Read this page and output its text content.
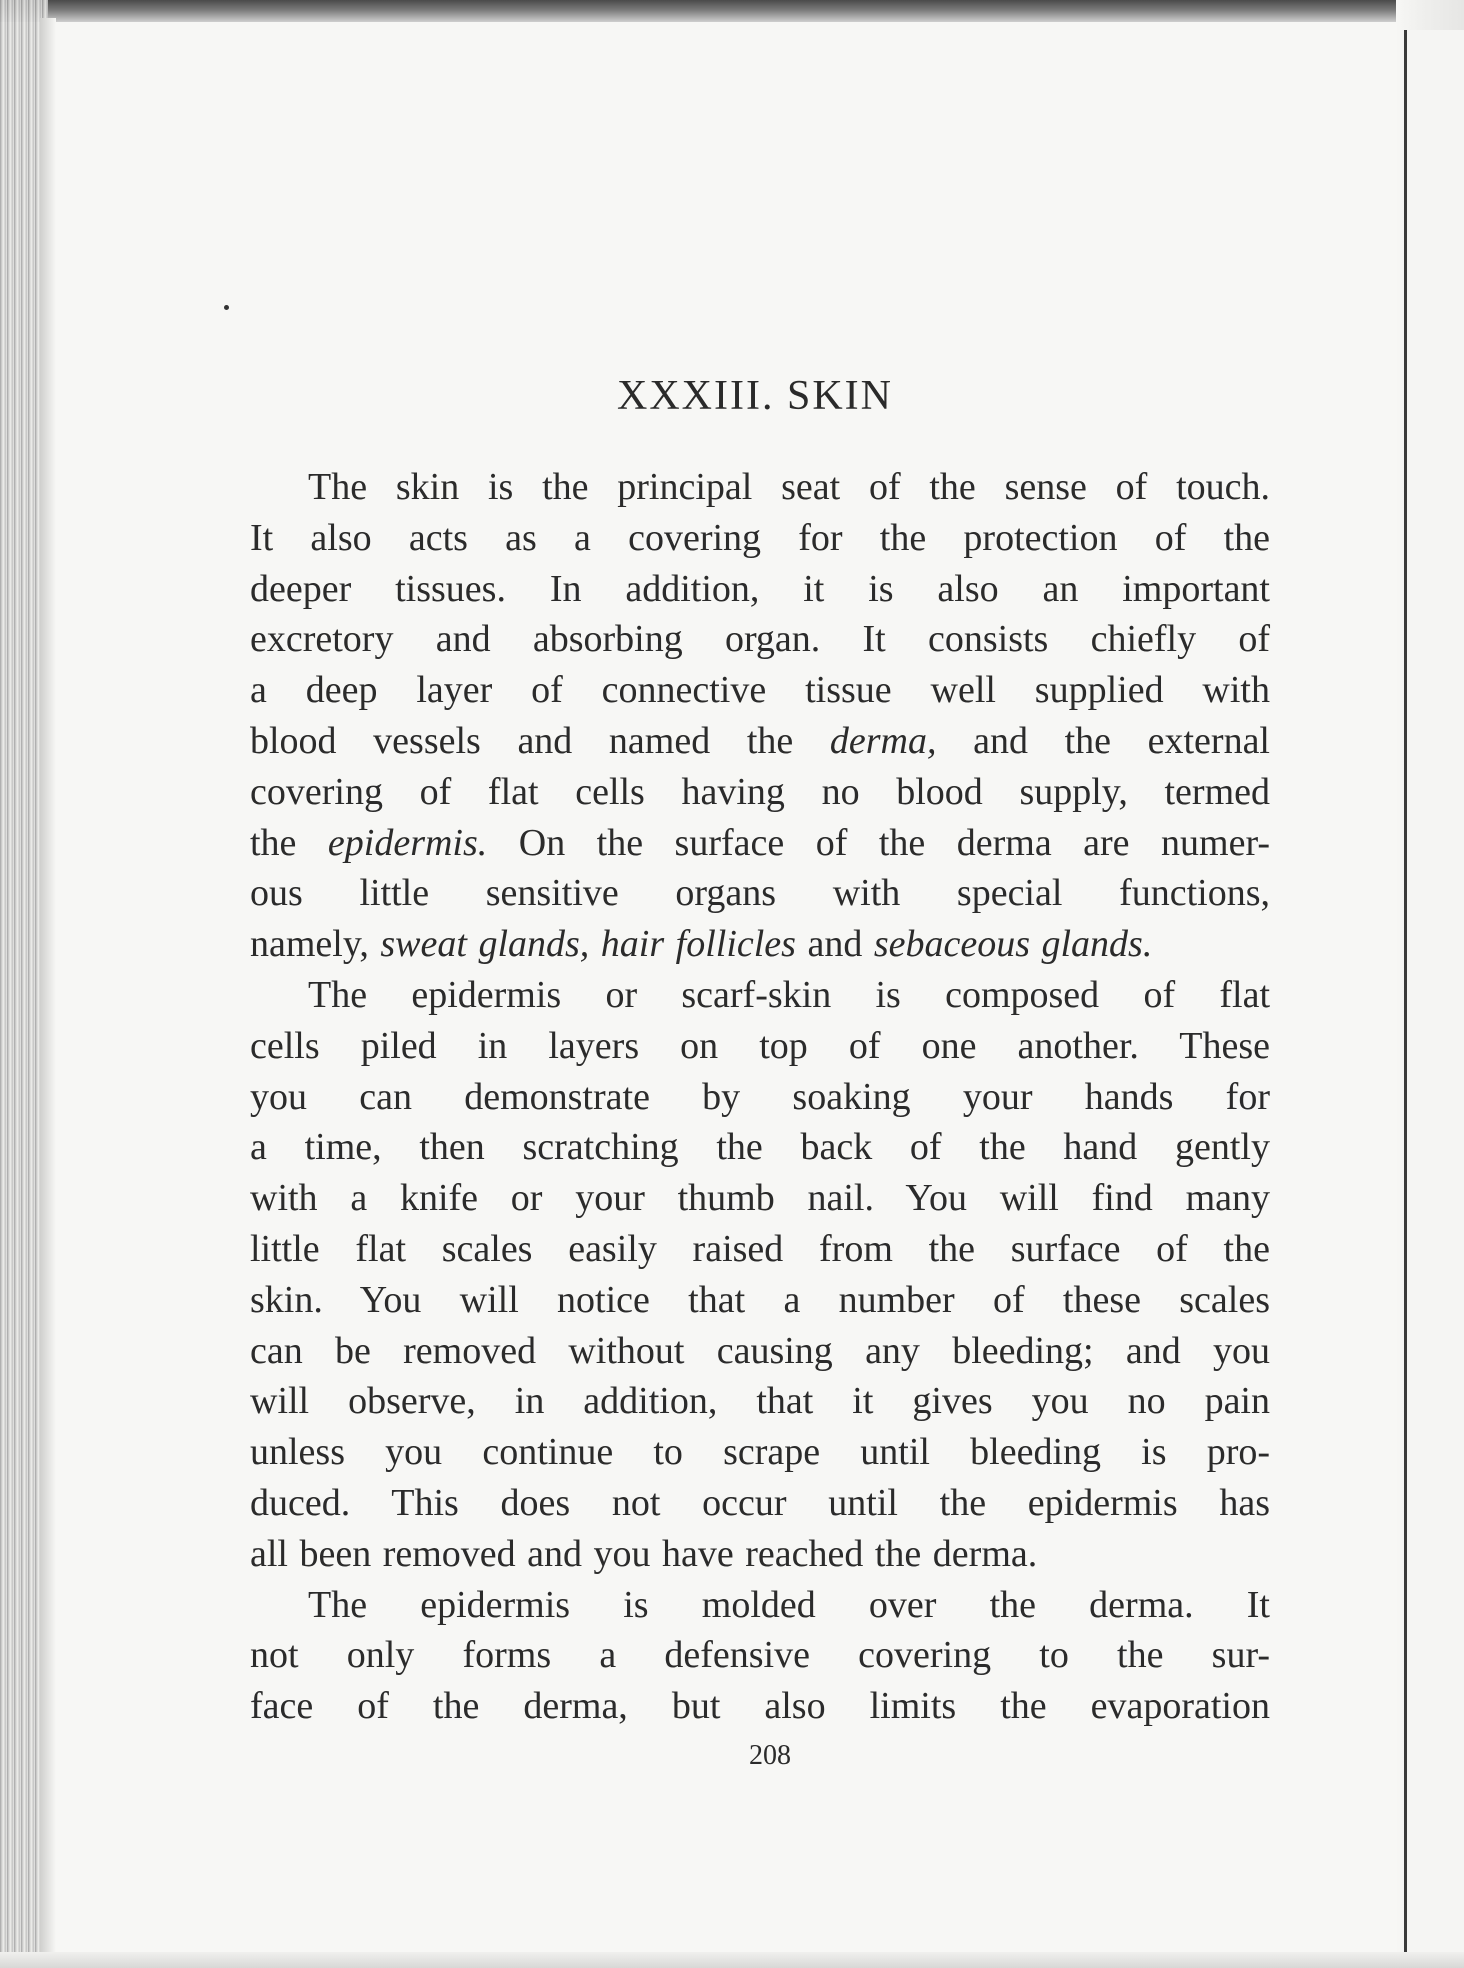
XXXIII. SKIN
The skin is the principal seat of the sense of touch.
It also acts as a covering for the protection of the
deeper tissues. In addition, it is also an important
excretory and absorbing organ. It consists chiefly of
a deep layer of connective tissue well supplied with
blood vessels and named the derma, and the external
covering of flat cells having no blood supply, termed
the epidermis. On the surface of the derma are numer-
ous little sensitive organs with special functions,
namely, sweat glands, hair follicles and sebaceous glands.
The epidermis or scarf-skin is composed of flat
cells piled in layers on top of one another. These
you can demonstrate by soaking your hands for
a time, then scratching the back of the hand gently
with a knife or your thumb nail. You will find many
little flat scales easily raised from the surface of the
skin. You will notice that a number of these scales
can be removed without causing any bleeding; and you
will observe, in addition, that it gives you no pain
unless you continue to scrape until bleeding is pro-
duced. This does not occur until the epidermis has
all been removed and you have reached the derma.
The epidermis is molded over the derma. It
not only forms a defensive covering to the sur-
face of the derma, but also limits the evaporation
208
